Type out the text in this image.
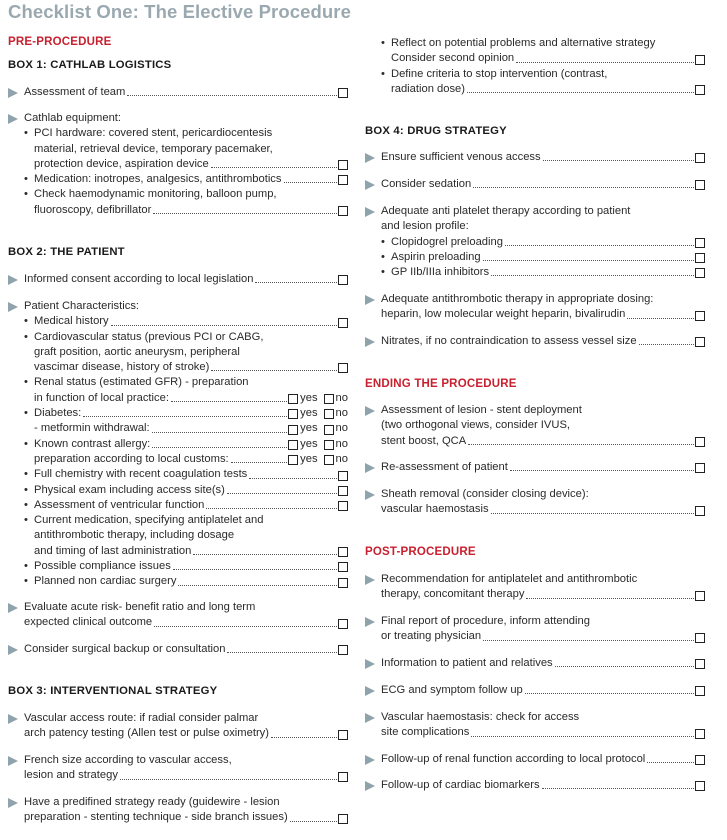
Checklist One: The Elective Procedure
PRE-PROCEDURE
BOX 1: CATHLAB LOGISTICS
Assessment of team
Cathlab equipment:
• PCI hardware: covered stent, pericardiocentesis
material, retrieval device, temporary pacemaker,
protection device, aspiration device
• Medication: inotropes, analgesics, antithrombotics
• Check haemodynamic monitoring, balloon pump,
fluoroscopy, defibrillator
BOX 2: THE PATIENT
Informed consent according to local legislation
Patient Characteristics:
• Medical history
• Cardiovascular status (previous PCI or CABG,
graft position, aortic aneurysm, peripheral
vascimar disease, history of stroke)
• Renal status (estimated GFR) - preparation
in function of local practice:	yes no
• Diabetes:	yes no
- metformin withdrawal:	yes no
• Known contrast allergy:	yes no
preparation according to local customs:	yes no
• Full chemistry with recent coagulation tests
• Physical exam including access site(s)
• Assessment of ventricular function
• Current medication, specifying antiplatelet and
antithrombotic therapy, including dosage
and timing of last administration
• Possible compliance issues
• Planned non cardiac surgery
Evaluate acute risk- benefit ratio and long term
expected clinical outcome
Consider surgical backup or consultation
BOX 3: INTERVENTIONAL STRATEGY
Vascular access route: if radial consider palmar
arch patency testing (Allen test or pulse oximetry)
French size according to vascular access,
lesion and strategy
Have a predifined strategy ready (guidewire - lesion
preparation - stenting technique - side branch issues)
• Reflect on potential problems and alternative strategy
Consider second opinion
• Define criteria to stop intervention (contrast,
radiation dose)
BOX 4: DRUG STRATEGY
Ensure sufficient venous access
Consider sedation
Adequate anti platelet therapy according to patient
and lesion profile:
• Clopidogrel preloading
• Aspirin preloading
• GP IIb/IIIa inhibitors
Adequate antithrombotic therapy in appropriate dosing:
heparin, low molecular weight heparin, bivalirudin
Nitrates, if no contraindication to assess vessel size
ENDING THE PROCEDURE
Assessment of lesion - stent deployment
(two orthogonal views, consider IVUS,
stent boost, QCA
Re-assessment of patient
Sheath removal (consider closing device):
vascular haemostasis
POST-PROCEDURE
Recommendation for antiplatelet and antithrombotic
therapy, concomitant therapy
Final report of procedure, inform attending
or treating physician
Information to patient and relatives
ECG and symptom follow up
Vascular haemostasis: check for access
site complications
Follow-up of renal function according to local protocol
Follow-up of cardiac biomarkers
